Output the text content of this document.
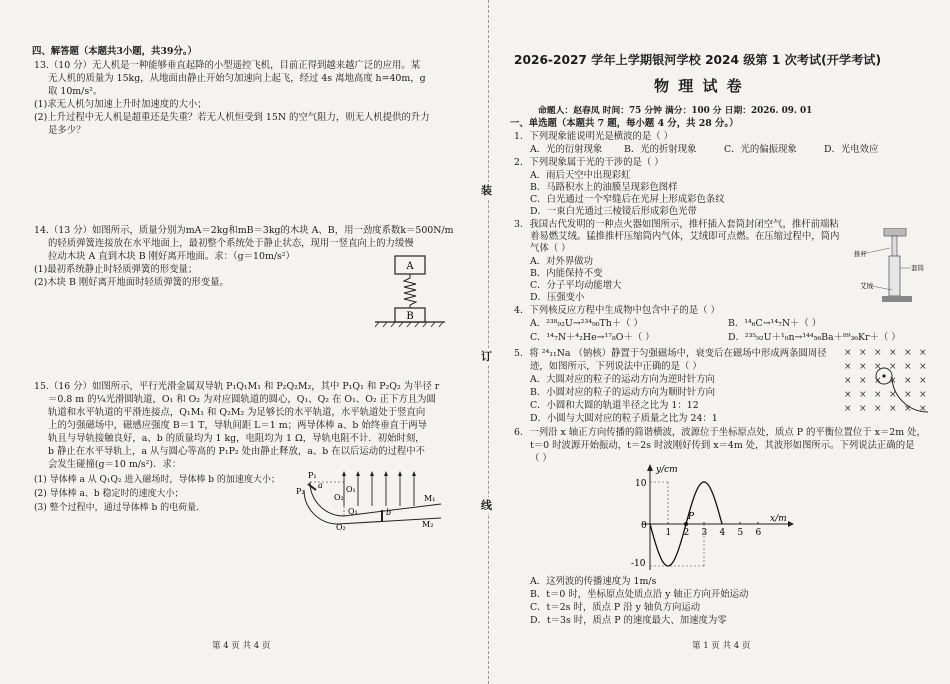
四、解答题（本题共3小题，共39分。）
13.（10 分）无人机是一种能够垂直起降的小型遥控飞机，目前正得到越来越广泛的应用。某
无人机的质量为 15kg，从地面由静止开始匀加速向上起飞，经过 4s 离地高度 h=40m，g
取 10m/s²。
(1)求无人机匀加速上升时加速度的大小；
(2)上升过程中无人机是超重还是失重？若无人机恒受到 15N 的空气阻力，则无人机提供的升力
是多少？
14.（13 分）如图所示，质量分别为mA＝2kg和mB＝3kg的木块 A、B，用一劲度系数k＝500N/m
的轻质弹簧连接放在水平地面上，最初整个系统处于静止状态，现用一竖直向上的力缓慢
拉动木块 A 直到木块 B 刚好离开地面。求：（g＝10m/s²）
(1)最初系统静止时轻质弹簧的形变量；
(2)木块 B 刚好离开地面时轻质弹簧的形变量。
A
B
15.（16 分）如图所示，平行光滑金属双导轨 P₁Q₁M₁ 和 P₂Q₂M₂，其中 P₁Q₁ 和 P₂Q₂ 为半径 r
＝0.8 m 的¼光滑圆轨道，O₁ 和 O₂ 为对应圆轨道的圆心，Q₁、Q₂ 在 O₁、O₂ 正下方且为圆
轨道和水平轨道的平滑连接点，Q₁M₁ 和 Q₂M₂ 为足够长的水平轨道，水平轨道处于竖直向
上的匀强磁场中，磁感应强度 B＝1 T，导轨间距 L＝1 m；两导体棒 a、b 始终垂直于两导
轨且与导轨接触良好，a、b 的质量均为 1 kg，电阻均为 1 Ω，导轨电阻不计．初始时刻，
b 静止在水平导轨上，a 从与圆心等高的 P₁P₂ 处由静止释放，a、b 在以后运动的过程中不
会发生碰撞(g＝10 m/s²)．求：
(1) 导体棒 a 从 Q₁Q₂ 进入磁场时，导体棒 b 的加速度大小；
(2) 导体棒 a、b 稳定时的速度大小；
(3) 整个过程中，通过导体棒 b 的电荷量.
P₁
P₂	O₁
O₂
Q₂
Q₁
M₁
M₂
a
b
第 4 页 共 4 页
装
订
线
2026-2027 学年上学期银河学校 2024 级第 1 次考试(开学考试)
物 理 试 卷
命题人：赵春凤 时间：75 分钟 满分：100 分 日期：2026. 09. 01
一、单选题（本题共 7 题，每小题 4 分，共 28 分。）
1．下列现象能说明光是横波的是（ ）
A．光的衍射现象 B．光的折射现象	C．光的偏振现象	D．光电效应
2．下列现象属于光的干涉的是（ ）
A．雨后天空中出现彩虹
B．马路积水上的油膜呈现彩色图样
C．白光通过一个窄缝后在光屏上形成彩色条纹
D．一束白光通过三棱镜后形成彩色光带
3．我国古代发明的一种点火器如图所示，推杆插入套筒封闭空气，推杆前端粘
着易燃艾绒。猛推推杆压缩筒内气体，艾绒即可点燃。在压缩过程中，筒内
气体（ ）
A．对外界做功
B．内能保持不变
C．分子平均动能增大
D．压强变小
推杆
套筒
艾绒
4．下列核反应方程中生成物中包含中子的是（ ）
A．²³⁸₉₂U→²³⁴₉₀Th＋（ ）	B．¹⁴₆C→¹⁴₇N＋（ ）
C．¹⁴₇N＋⁴₂He→¹⁷₈O＋（ ）	D．²³⁵₉₂U＋¹₀n→¹⁴⁴₅₆Ba＋⁸⁹₃₆Kr＋（ ）
5．将 ²⁴₁₁Na （钠核）静置于匀强磁场中，衰变后在磁场中形成两条圆周径
迹，如图所示，下列说法中正确的是（ ）
A．大圆对应的粒子的运动方向为逆时针方向
B．小圆对应的粒子的运动方向为顺时针方向
C．小圆和大圆的轨道半径之比为 1：12
D．小圆与大圆对应的粒子质量之比为 24：1
× × × × × ×
× × × × × ×
× × × × × ×
× × × × × ×
× × × × × ×
6．一列沿 x 轴正方向传播的简谐横波，波源位于坐标原点处，质点 P 的平衡位置位于 x＝2m 处，
t＝0 时波源开始振动，t＝2s 时波刚好传到 x＝4m 处，其波形如图所示。下列说法正确的是
（ ）
y/cm
x/m
0
10
-10
1 2 3 4 5 6
P
A．这列波的传播速度为 1m/s
B．t＝0 时，坐标原点处质点沿 y 轴正方向开始运动
C．t＝2s 时，质点 P 沿 y 轴负方向运动
D．t＝3s 时，质点 P 的速度最大、加速度为零
第 1 页 共 4 页
